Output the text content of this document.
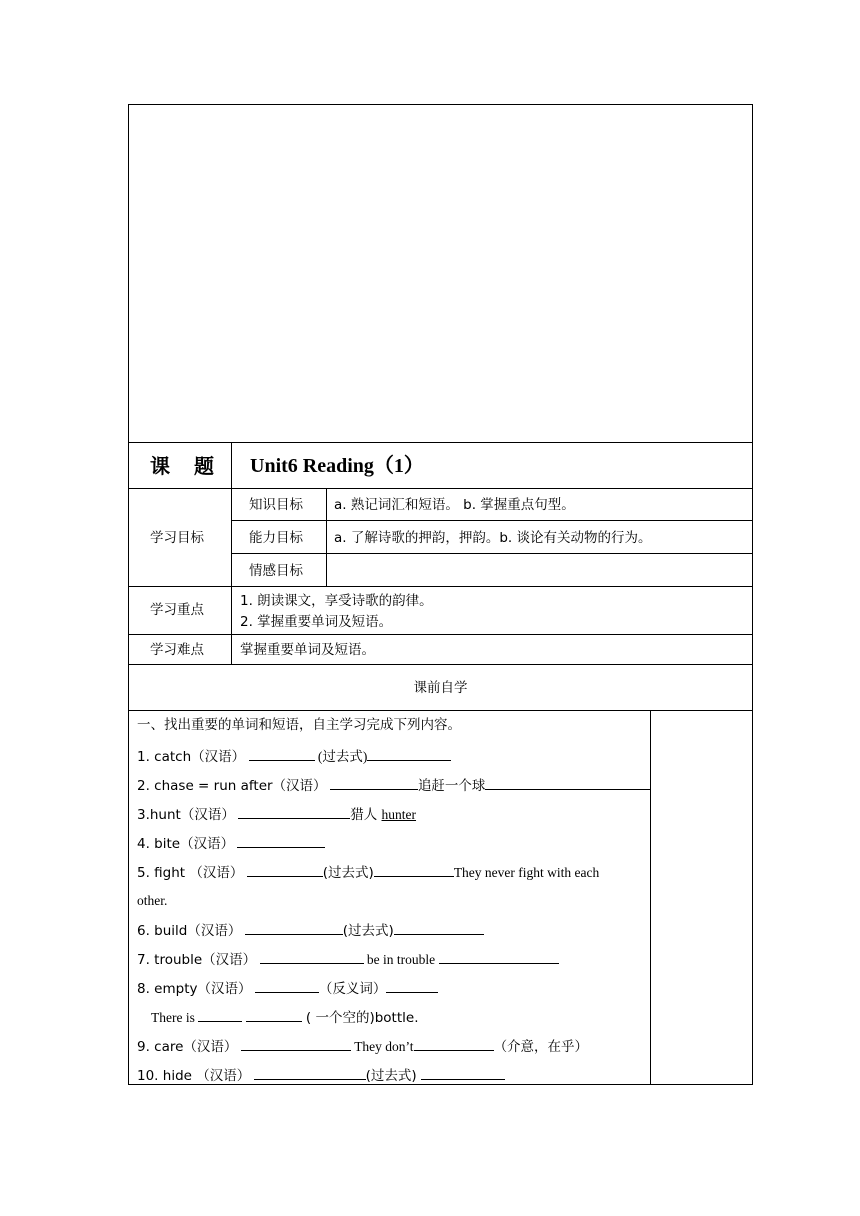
课　题 Unit6 Reading（1）
学习目标
知识目标 a. 熟记词汇和短语。 b. 掌握重点句型。
能力目标 a. 了解诗歌的押韵，押韵。b. 谈论有关动物的行为。
情感目标
学习重点
1. 朗读课文，享受诗歌的韵律。
2. 掌握重要单词及短语。
学习难点	掌握重要单词及短语。
课前自学
一、找出重要的单词和短语，自主学习完成下列内容。
1. catch（汉语）	(过去式)
2. chase = run after（汉语）	追赶一个球
3.hunt（汉语）	猎人 hunter
4. bite（汉语）
5. fight （汉语）	(过去式)	They never fight with each
other.
6. build（汉语）	(过去式)
7. trouble（汉语）	be in trouble
8. empty（汉语）	（反义词）
There is	( 一个空的)bottle.
9. care（汉语）	They don’t	（介意，在乎）
10. hide （汉语）	(过去式)
